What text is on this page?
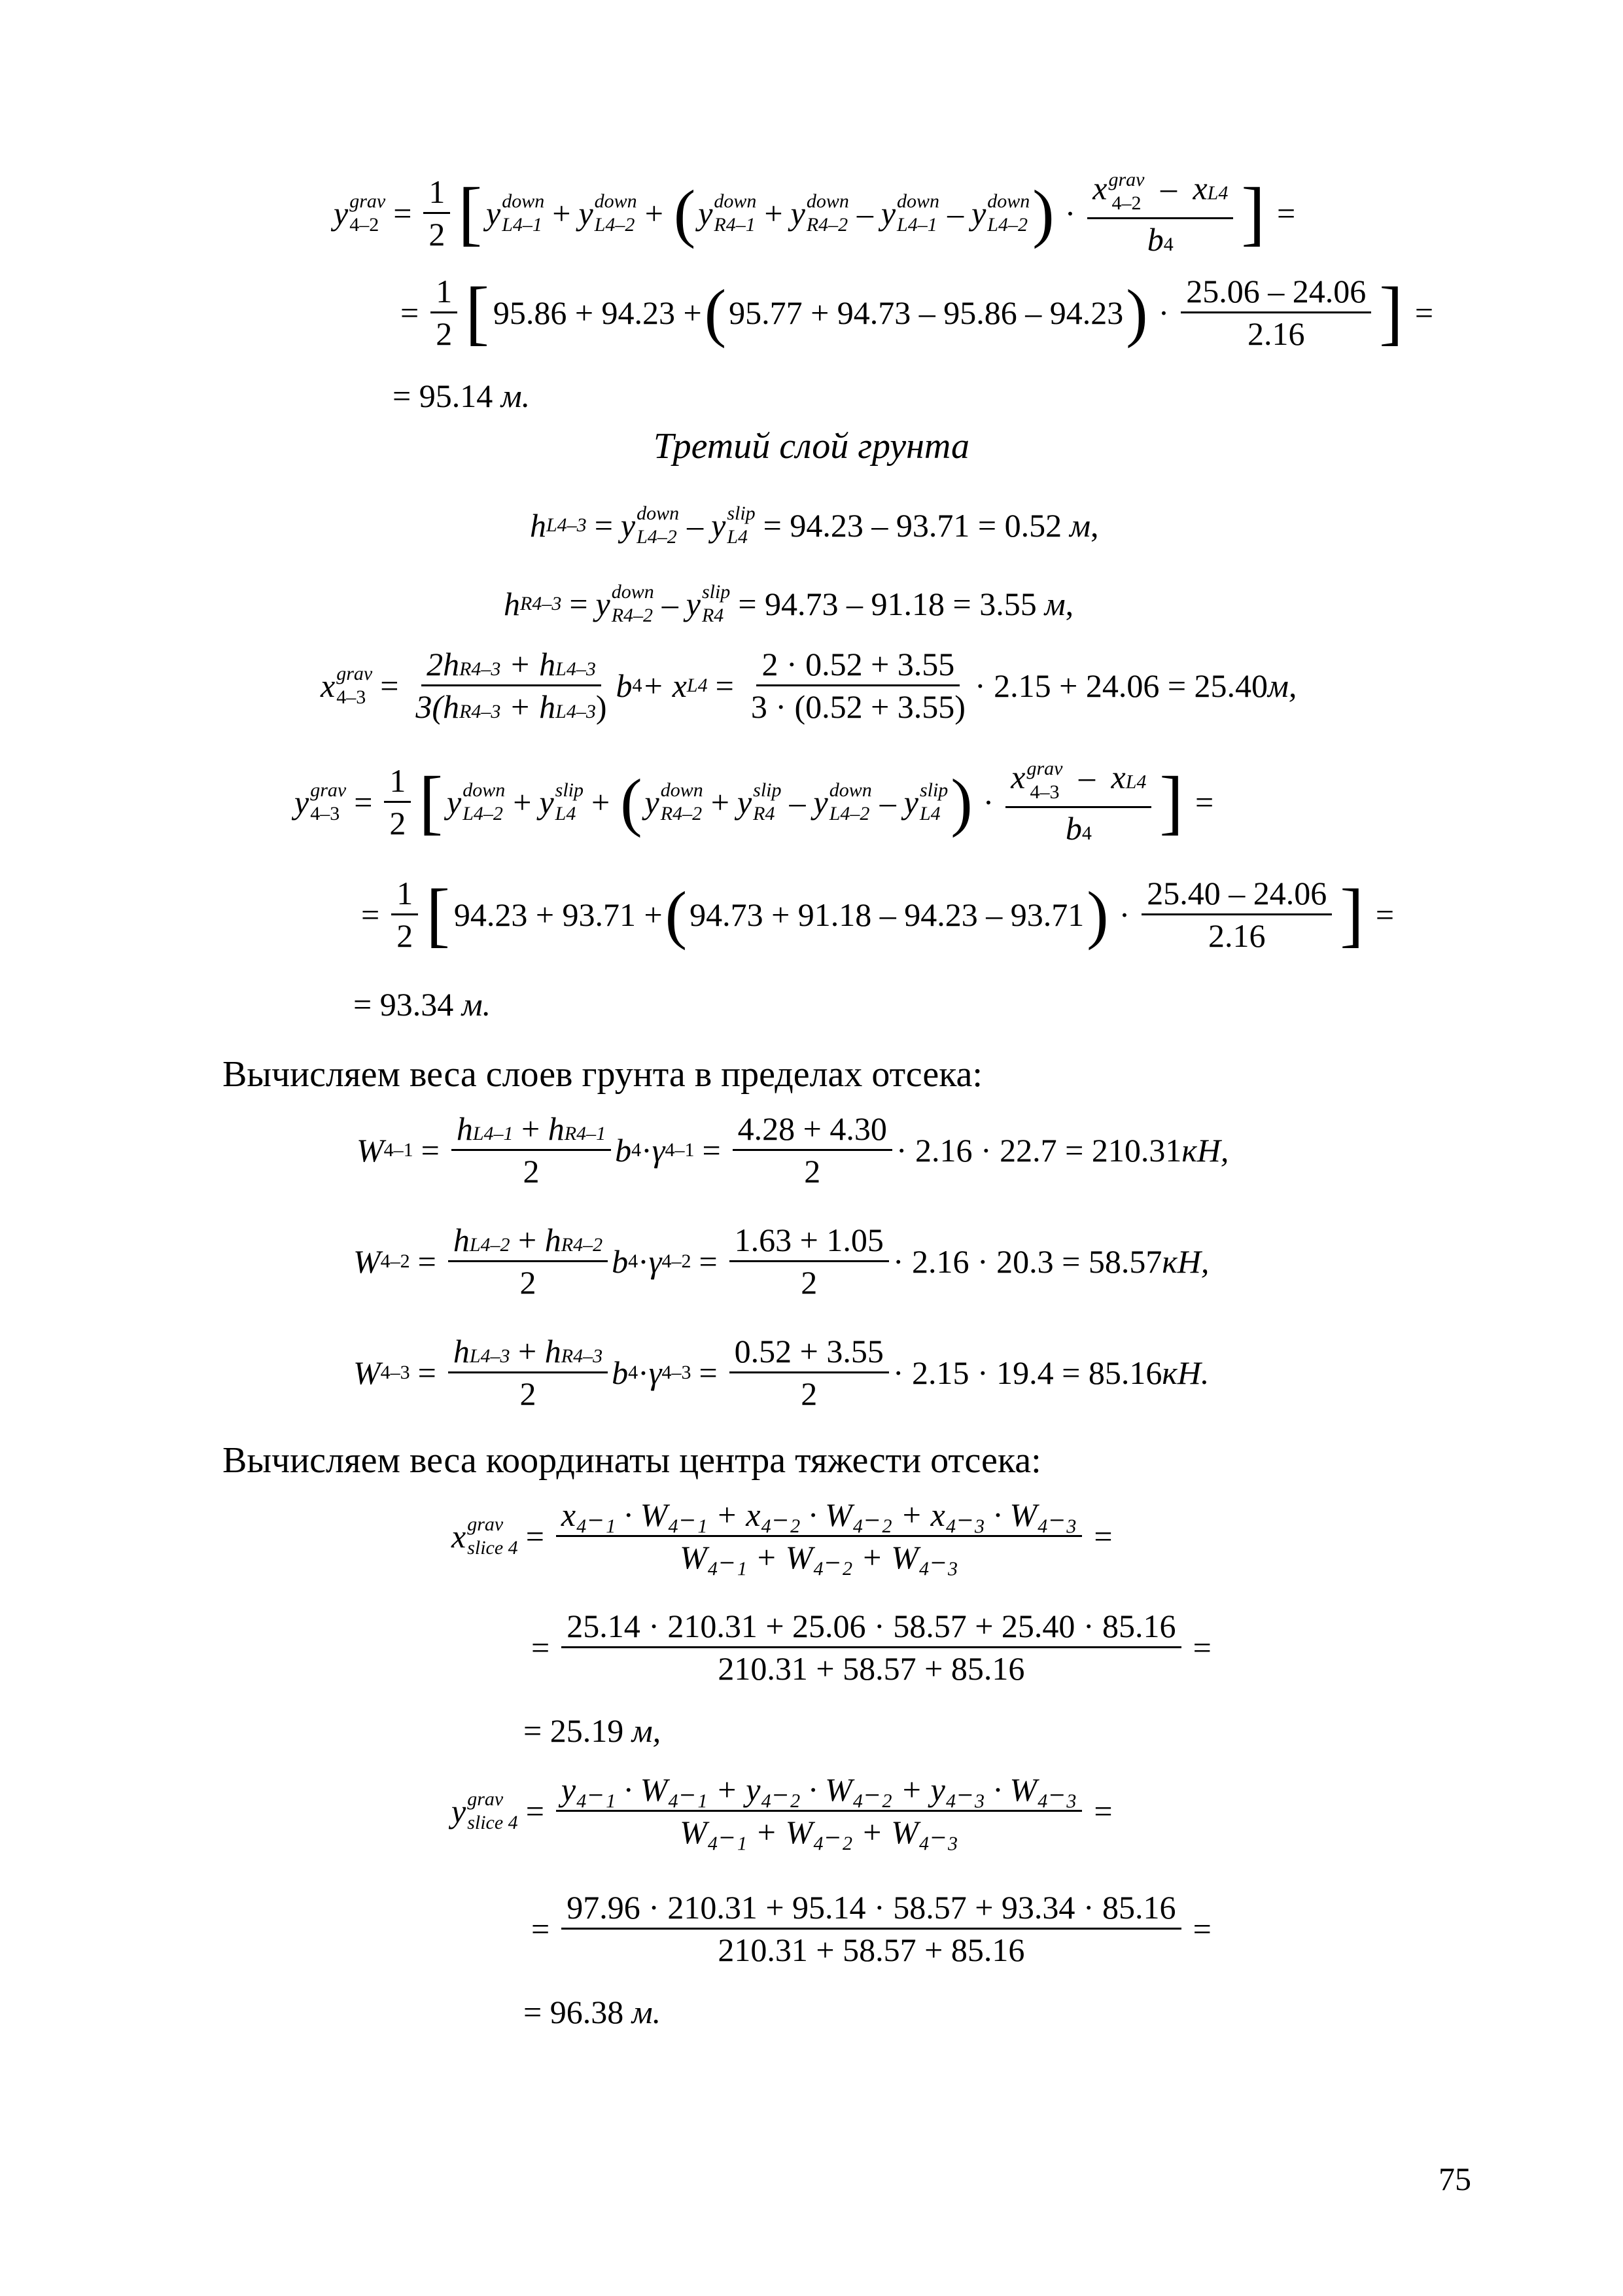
y grav
$4-2 = \frac{1}{2}$ [ y down
L4–1 + y down
L4–2 + ( y down
R4–1 + y down
R4–2 – y down
L4–1 – y down
L4–2 ) · x grav
4–2 – xL4
b4 ] =
= $\frac{1}{2}$ [ 95.86 + 94.23 + ( 95.77 + 94.73 – 95.86 – 94.23 ) · $\frac{25.06 - 24.06}{2.16}$ ] =
= 95.14 м.
Третий слой грунта
h L4–3 = y down
L4–2 – y slip
L4 = 94.23 – 93.71 = 0.52 м ,
h R4–3 = y down
R4–2 – y slip
R4 = 94.73 – 91.18 = 3.55 м ,
x grav
$4-3 = \frac{2hR4-3 + hL4-3}{3(hR4-3 + hL4-3)}$ b 4 + x $L4 = \frac{2 \cdot 0.52 + 3.55}{3 \cdot (0.52 + 3.55)} \cdot 2.15 + 24.06 = 25.40$ м,
y grav
$4-3 = \frac{1}{2}$ [ y down
L4–2 + y slip
L4 + ( y down
R4–2 + y slip
R4 – y down
L4–2 – y slip
L4 ) · x grav
4–3 – xL4
b4 ] =
= $\frac{1}{2}$ [ 94.23 + 93.71 + ( 94.73 + 91.18 – 94.23 – 93.71 ) · $\frac{25.40 - 24.06}{2.16}$ ] =
= 93.34 м.
Вычисляем веса слоев грунта в пределах отсека:
W $4-1 = \frac{hL4-1 + hR4-1}{2}$ b 4 · γ $4-1 = \frac{4.28 + 4.30}{2} \cdot 2.16 \cdot 22.7 = 210.31$ кН,
W $4-2 = \frac{hL4-2 + hR4-2}{2}$ b 4 · γ $4-2 = \frac{1.63 + 1.05}{2} \cdot 2.16 \cdot 20.3 = 58.57$ кН,
W $4-3 = \frac{hL4-3 + hR4-3}{2}$ b 4 · γ $4-3 = \frac{0.52 + 3.55}{2} \cdot 2.15 \cdot 19.4 = 85.16$ кН.
Вычисляем веса координаты центра тяжести отсека:
x grav
slice $4 = \frac{\text{x₄₋₁ · W₄₋₁ + x₄₋₂ · W₄₋₂ + x₄₋₃ · W₄₋₃}}{\text{W₄₋₁ + W₄₋₂ + W₄₋₃}}$ =
= $\frac{25.14 \cdot 210.31 + 25.06 \cdot 58.57 + 25.40 \cdot 85.16}{210.31 + 58.57 + 85.16}$ =
= 25.19 м,
y grav
slice $4 = \frac{\text{y₄₋₁ · W₄₋₁ + y₄₋₂ · W₄₋₂ + y₄₋₃ · W₄₋₃}}{\text{W₄₋₁ + W₄₋₂ + W₄₋₃}}$ =
= $\frac{97.96 \cdot 210.31 + 95.14 \cdot 58.57 + 93.34 \cdot 85.16}{210.31 + 58.57 + 85.16}$ =
= 96.38 м.
75
